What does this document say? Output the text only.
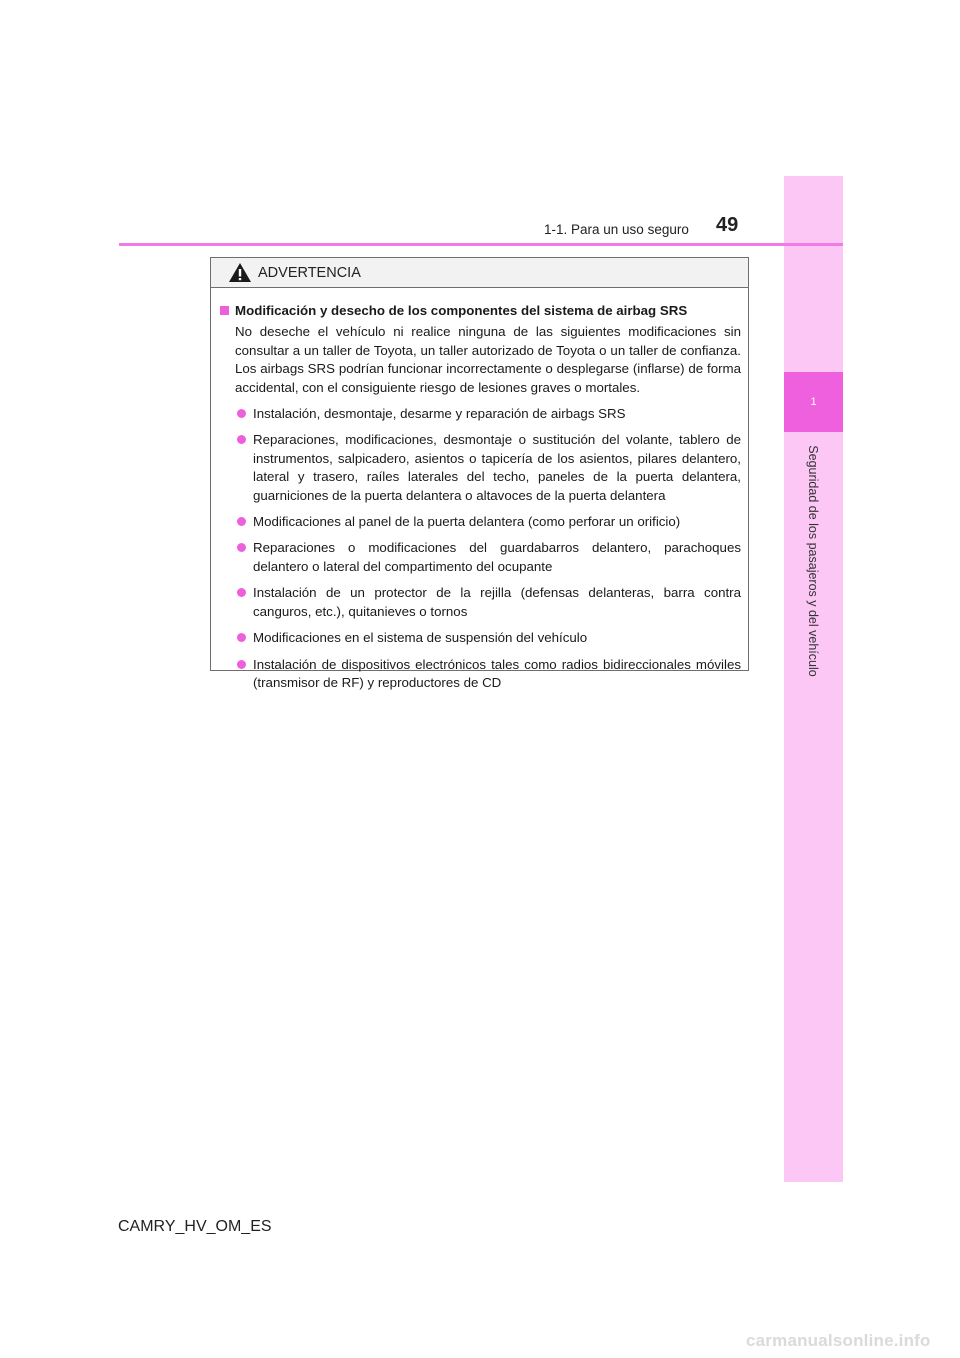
1
Seguridad de los pasajeros y del vehículo
1-1. Para un uso seguro 49
ADVERTENCIA
Modificación y desecho de los componentes del sistema de airbag SRS
No deseche el vehículo ni realice ninguna de las siguientes modificaciones sin consultar a un taller de Toyota, un taller autorizado de Toyota o un taller de confianza. Los airbags SRS podrían funcionar incorrectamente o desplegarse (inflarse) de forma accidental, con el consiguiente riesgo de lesiones graves o mortales.
Instalación, desmontaje, desarme y reparación de airbags SRS
Reparaciones, modificaciones, desmontaje o sustitución del volante, tablero de instrumentos, salpicadero, asientos o tapicería de los asientos, pilares delantero, lateral y trasero, raíles laterales del techo, paneles de la puerta delantera, guarniciones de la puerta delantera o altavoces de la puerta delantera
Modificaciones al panel de la puerta delantera (como perforar un orificio)
Reparaciones o modificaciones del guardabarros delantero, parachoques delantero o lateral del compartimento del ocupante
Instalación de un protector de la rejilla (defensas delanteras, barra contra canguros, etc.), quitanieves o tornos
Modificaciones en el sistema de suspensión del vehículo
Instalación de dispositivos electrónicos tales como radios bidireccionales móviles (transmisor de RF) y reproductores de CD
CAMRY_HV_OM_ES
carmanualsonline.info
